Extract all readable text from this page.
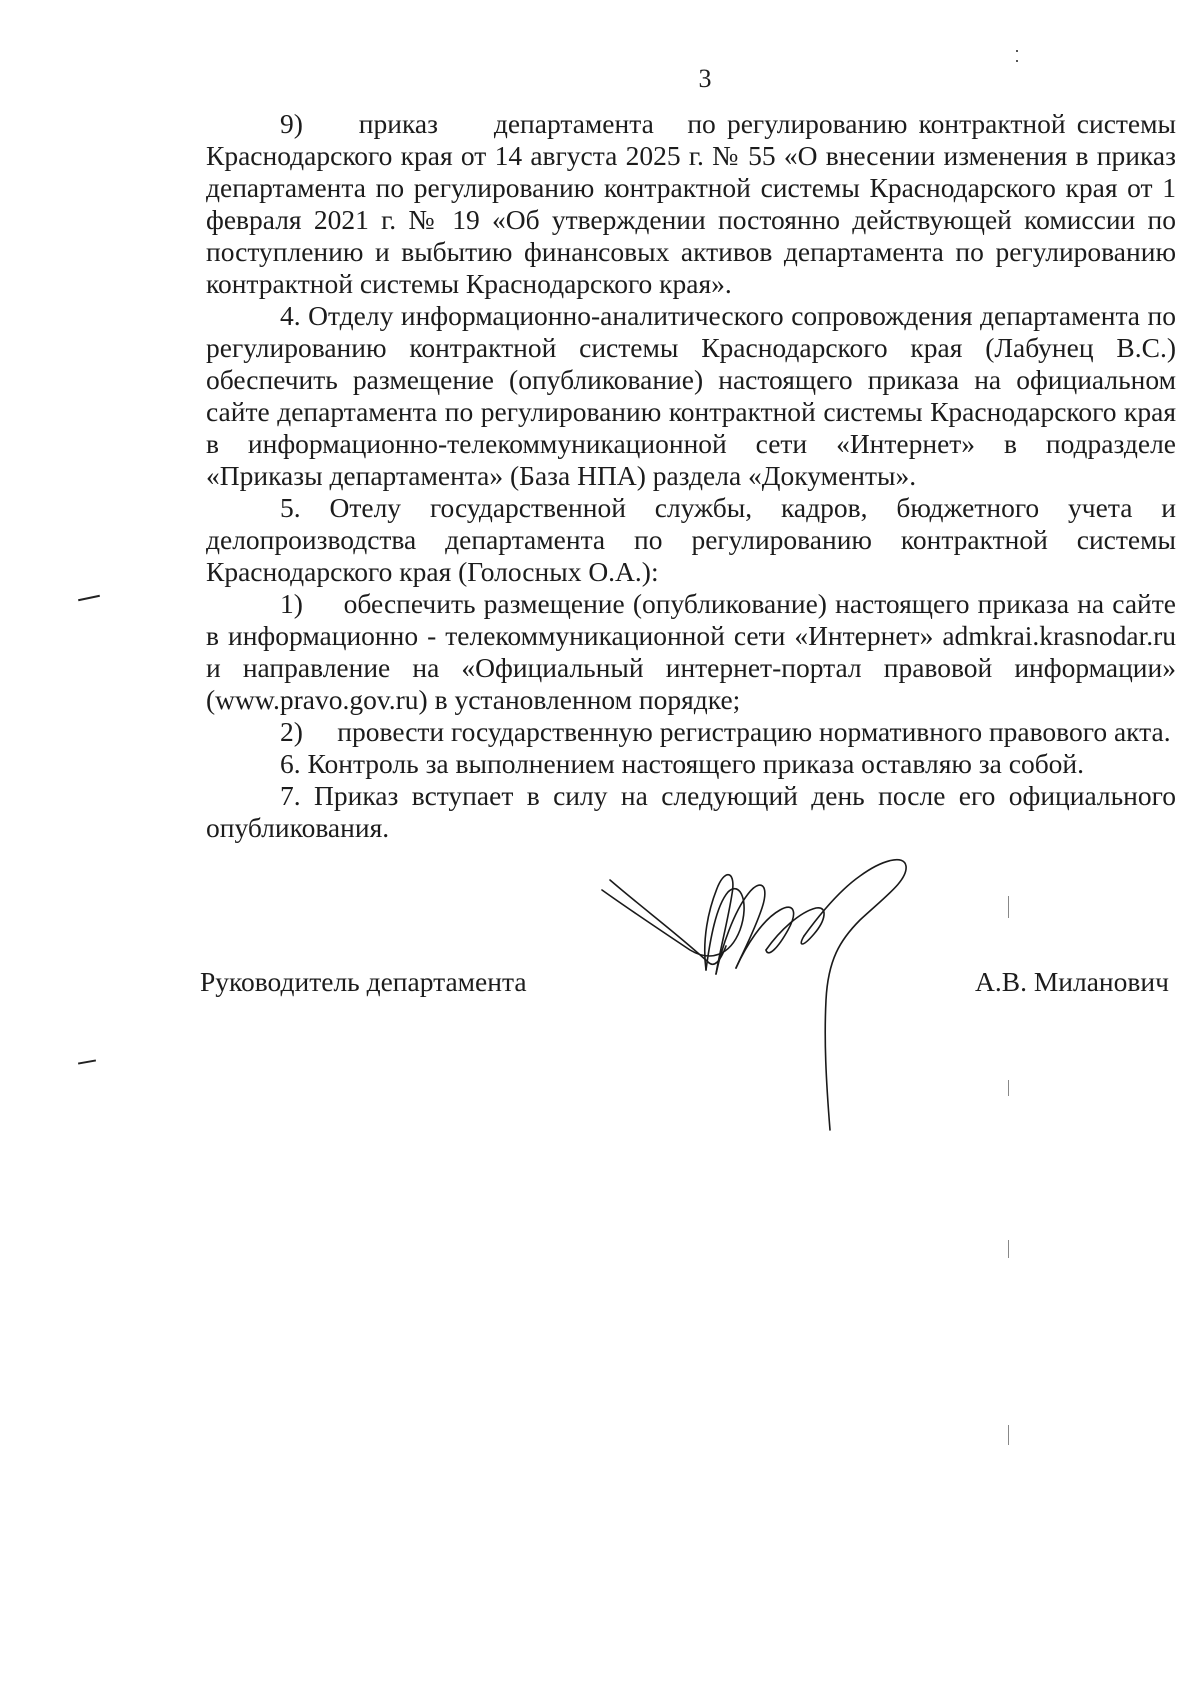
3

9)     приказ     департамента   по регулированию контрактной системы Краснодарского края от 14 августа 2025 г. № 55 «О внесении изменения в приказ департамента по регулированию контрактной системы Краснодарского края от 1 февраля 2021 г. № 19 «Об утверждении постоянно действующей комиссии по поступлению и выбытию финансовых активов департамента по регулированию контрактной системы Краснодарского края».

4. Отделу информационно-аналитического сопровождения департамента по регулированию контрактной системы Краснодарского края (Лабунец В.С.) обеспечить размещение (опубликование) настоящего приказа на официальном сайте департамента по регулированию контрактной системы Краснодарского края в информационно-телекоммуникационной сети «Интернет» в подразделе «Приказы департамента» (База НПА) раздела «Документы».

5. Отелу государственной службы, кадров, бюджетного учета и делопроизводства департамента по регулированию контрактной системы Краснодарского края (Голосных О.А.):

1)     обеспечить размещение (опубликование) настоящего приказа на сайте в информационно - телекоммуникационной сети «Интернет» admkrai.krasnodar.ru и направление на «Официальный интернет-портал правовой информации» (www.pravo.gov.ru) в установленном порядке;

2)     провести государственную регистрацию нормативного правового акта.

6. Контроль за выполнением настоящего приказа оставляю за собой.

7. Приказ вступает в силу на следующий день после его официального опубликования.

Руководитель департамента	А.В. Миланович
